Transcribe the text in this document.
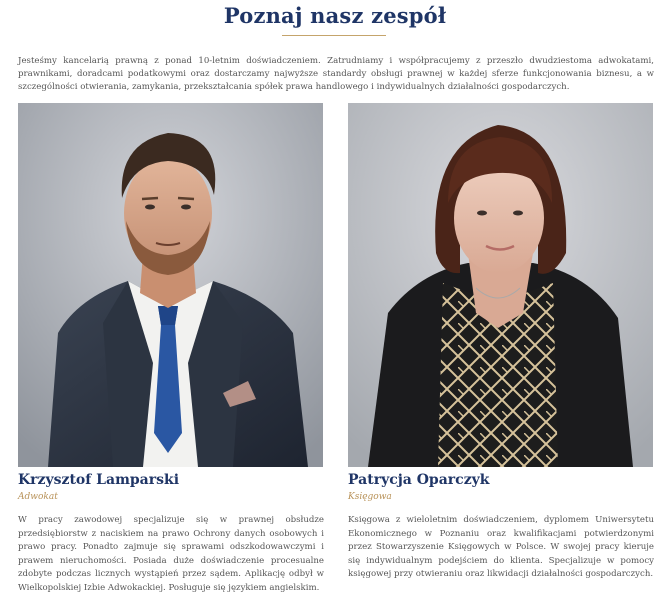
Poznaj nasz zespół

Jesteśmy kancelarią prawną z ponad 10-letnim doświadczeniem. Zatrudniamy i współpracujemy z przeszło dwudziestoma adwokatami, prawnikami, doradcami podatkowymi oraz dostarczamy najwyższe standardy obsługi prawnej w każdej sferze funkcjonowania biznesu, a w szczególności otwierania, zamykania, przekształcania spółek prawa handlowego i indywidualnych działalności gospodarczych.

Krzysztof Lamparski
Adwokat

W pracy zawodowej specjalizuje się w prawnej obsłudze przedsiębiorstw z naciskiem na prawo Ochrony danych osobowych i prawo pracy. Ponadto zajmuje się sprawami odszkodowawczymi i prawem nieruchomości. Posiada duże doświadczenie procesualne zdobyte podczas licznych wystąpień przez sądem. Aplikację odbył w Wielkopolskiej Izbie Adwokackiej. Posługuje się językiem angielskim.

Patrycja Oparczyk
Księgowa

Księgowa z wieloletnim doświadczeniem, dyplomem Uniwersytetu Ekonomicznego w Poznaniu oraz kwalifikacjami potwierdzonymi przez Stowarzyszenie Księgowych w Polsce. W swojej pracy kieruje się indywidualnym podejściem do klienta. Specjalizuje w pomocy księgowej przy otwieraniu oraz likwidacji działalności gospodarczych.
